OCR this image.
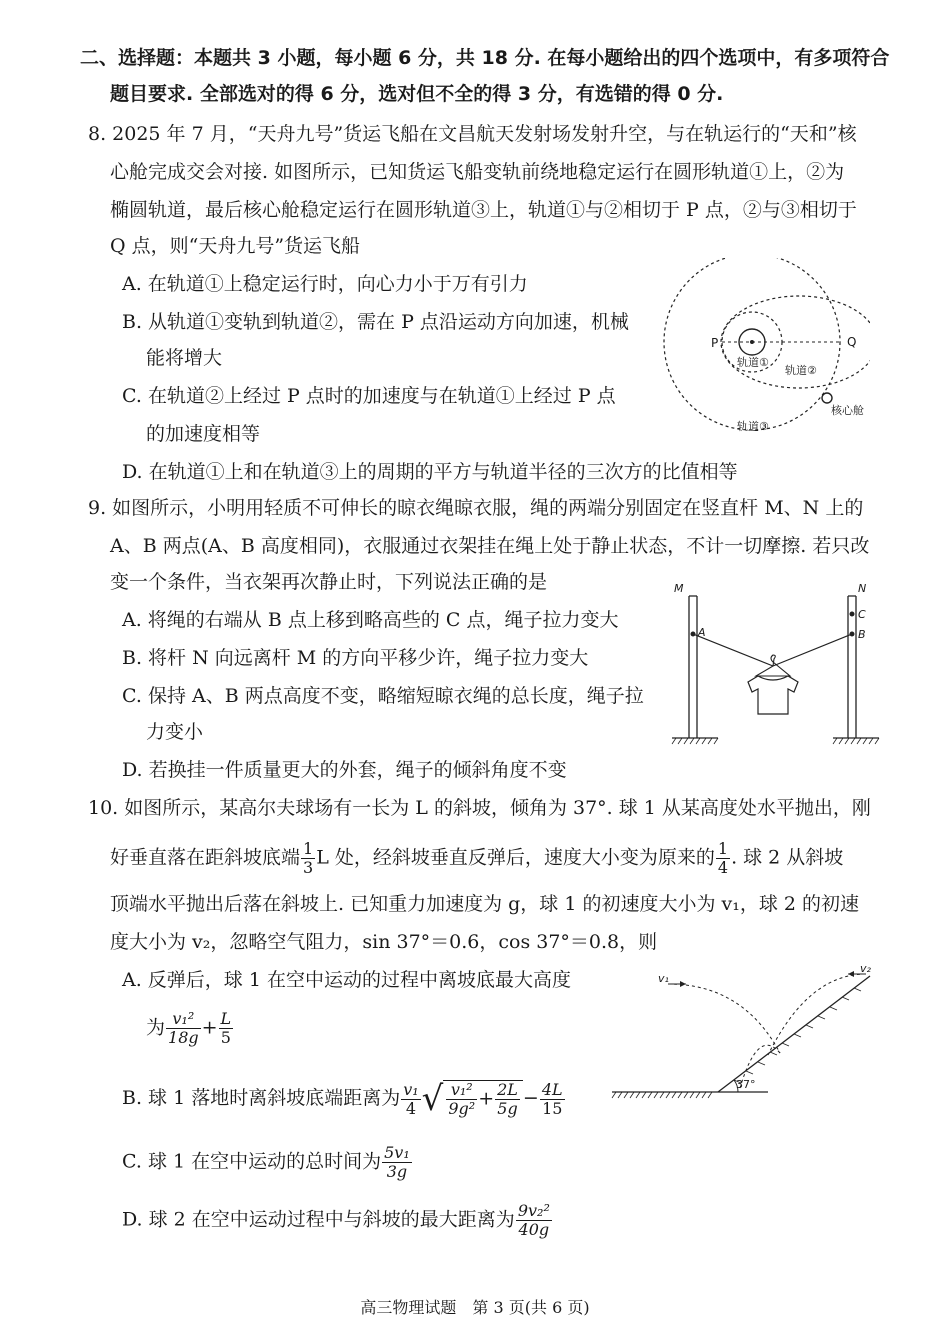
二、选择题：本题共 3 小题，每小题 6 分，共 18 分. 在每小题给出的四个选项中，有多项符合
题目要求. 全部选对的得 6 分，选对但不全的得 3 分，有选错的得 0 分.
8. 2025 年 7 月，“天舟九号”货运飞船在文昌航天发射场发射升空，与在轨运行的“天和”核
心舱完成交会对接. 如图所示，已知货运飞船变轨前绕地稳定运行在圆形轨道①上，②为
椭圆轨道，最后核心舱稳定运行在圆形轨道③上，轨道①与②相切于 P 点，②与③相切于
Q 点，则“天舟九号”货运飞船
A. 在轨道①上稳定运行时，向心力小于万有引力
B. 从轨道①变轨到轨道②，需在 P 点沿运动方向加速，机械
能将增大
C. 在轨道②上经过 P 点时的加速度与在轨道①上经过 P 点
的加速度相等
D. 在轨道①上和在轨道③上的周期的平方与轨道半径的三次方的比值相等
P	Q
轨道①
轨道②
轨道③
核心舱
9. 如图所示，小明用轻质不可伸长的晾衣绳晾衣服，绳的两端分别固定在竖直杆 M、N 上的
A、B 两点(A、B 高度相同)，衣服通过衣架挂在绳上处于静止状态，不计一切摩擦. 若只改
变一个条件，当衣架再次静止时，下列说法正确的是
A. 将绳的右端从 B 点上移到略高些的 C 点，绳子拉力变大
B. 将杆 N 向远离杆 M 的方向平移少许，绳子拉力变大
C. 保持 A、B 两点高度不变，略缩短晾衣绳的总长度，绳子拉
力变小
D. 若换挂一件质量更大的外套，绳子的倾斜角度不变
M	N
A	B
C
10. 如图所示，某高尔夫球场有一长为 L 的斜坡，倾角为 37°. 球 1 从某高度处水平抛出，刚
好垂直落在距斜坡底端 $\frac{1}{3}$ L 处，经斜坡垂直反弹后，速度大小变为原来的 $\frac{1}{4}$ . 球 2 从斜坡
顶端水平抛出后落在斜坡上. 已知重力加速度为 g，球 1 的初速度大小为 v₁，球 2 的初速
度大小为 v₂，忽略空气阻力，sin 37°＝0.6，cos 37°＝0.8，则
A. 反弹后，球 1 在空中运动的过程中离坡底最大高度
为 $\frac{\text{v₁²}}{18g} + \frac{L}{5}$
B. 球 1 落地时离斜坡底端距离为 $\frac{\text{v₁}}{4}$ √ $\frac{\text{v₁²}}{\text{9g²}} + \frac{2L}{5g} - \frac{4L}{15}$
C. 球 1 在空中运动的总时间为 $\frac{\text{5v₁}}{3g}$
D. 球 2 在空中运动过程中与斜坡的最大距离为 $\frac{\text{9v₂²}}{40g}$
v₁
v₂
37°
高三物理试题　第 3 页(共 6 页)
